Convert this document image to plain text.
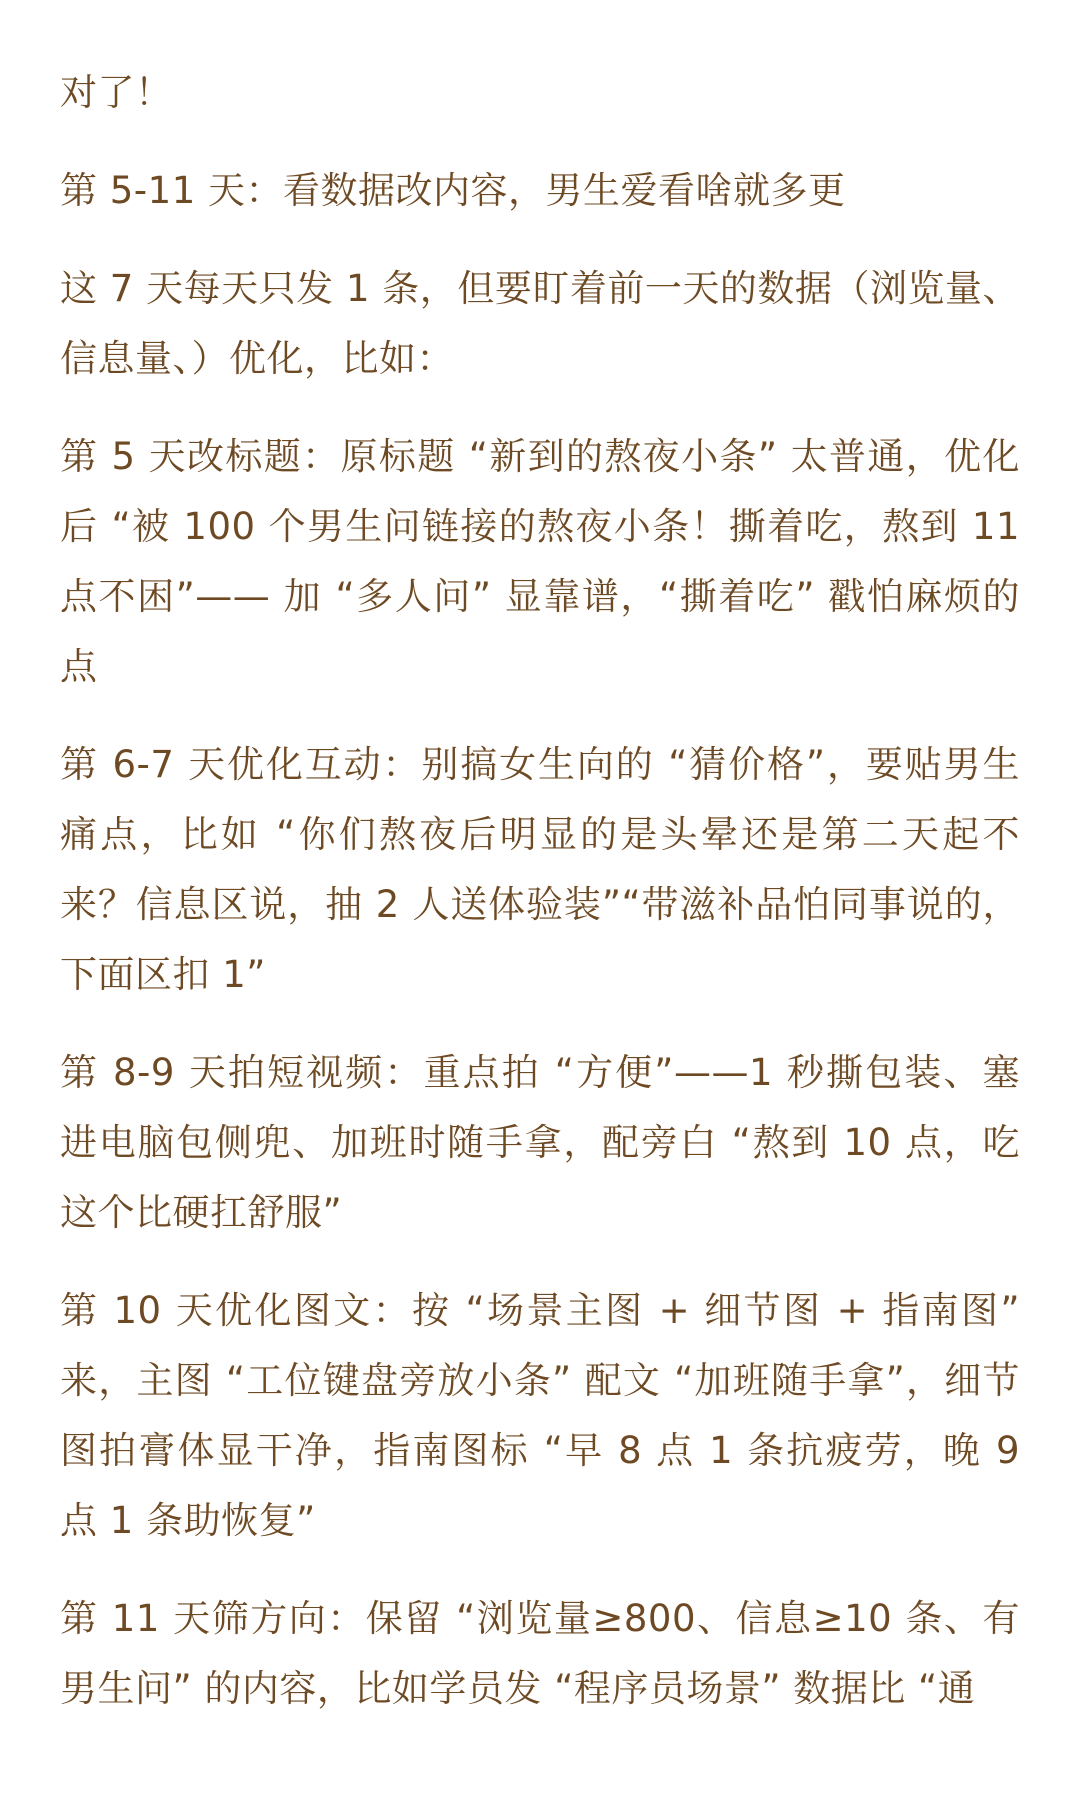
对了！

第 5-11 天：看数据改内容，男生爱看啥就多更

这 7 天每天只发 1 条，但要盯着前一天的数据（浏览量、信息量、）优化，比如：

第 5 天改标题：原标题 “新到的熬夜小条” 太普通，优化后 “被 100 个男生问链接的熬夜小条！撕着吃，熬到 11 点不困”—— 加 “多人问” 显靠谱，“撕着吃” 戳怕麻烦的点

第 6-7 天优化互动：别搞女生向的 “猜价格”，要贴男生痛点，比如 “你们熬夜后明显的是头晕还是第二天起不来？信息区说，抽 2 人送体验装”“带滋补品怕同事说的，下面区扣 1”

第 8-9 天拍短视频：重点拍 “方便”——1 秒撕包装、塞进电脑包侧兜、加班时随手拿，配旁白 “熬到 10 点，吃这个比硬扛舒服”

第 10 天优化图文：按 “场景主图 + 细节图 + 指南图” 来，主图 “工位键盘旁放小条” 配文 “加班随手拿”，细节图拍膏体显干净，指南图标 “早 8 点 1 条抗疲劳，晚 9 点 1 条助恢复”

第 11 天筛方向：保留 “浏览量≥800、信息≥10 条、有男生问” 的内容，比如学员发 “程序员场景” 数据比 “通
